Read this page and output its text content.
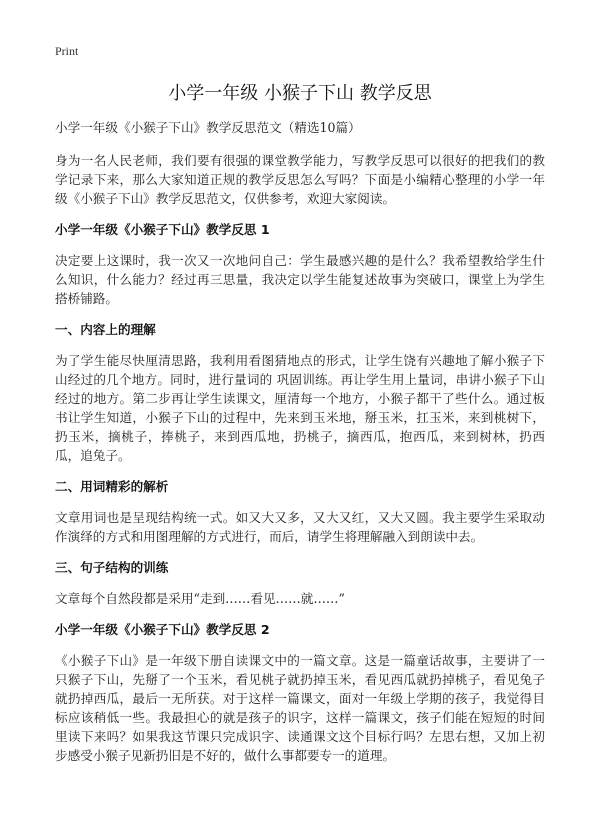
Print
小学一年级 小猴子下山 教学反思

小学一年级《小猴子下山》教学反思范文（精选10篇）

身为一名人民老师，我们要有很强的课堂教学能力，写教学反思可以很好的把我们的教学记录下来，那么大家知道正规的教学反思怎么写吗？下面是小编精心整理的小学一年级《小猴子下山》教学反思范文，仅供参考，欢迎大家阅读。

小学一年级《小猴子下山》教学反思 1

决定要上这课时，我一次又一次地问自己：学生最感兴趣的是什么？我希望教给学生什么知识，什么能力？经过再三思量，我决定以学生能复述故事为突破口，课堂上为学生搭桥铺路。

一、内容上的理解

为了学生能尽快厘清思路，我利用看图猜地点的形式，让学生饶有兴趣地了解小猴子下山经过的几个地方。同时，进行量词的 巩固训练。再让学生用上量词，串讲小猴子下山经过的地方。第二步再让学生读课文，厘清每一个地方，小猴子都干了些什么。通过板书让学生知道，小猴子下山的过程中，先来到玉米地，掰玉米，扛玉米，来到桃树下，扔玉米，摘桃子，捧桃子，来到西瓜地，扔桃子，摘西瓜，抱西瓜，来到树林，扔西瓜，追兔子。

二、用词精彩的解析

文章用词也是呈现结构统一式。如又大又多，又大又红，又大又圆。我主要学生采取动作演绎的方式和用图理解的方式进行，而后，请学生将理解融入到朗读中去。

三、句子结构的训练

文章每个自然段都是采用“走到……看见……就……”

小学一年级《小猴子下山》教学反思 2

《小猴子下山》是一年级下册自读课文中的一篇文章。这是一篇童话故事，主要讲了一只猴子下山，先掰了一个玉米，看见桃子就扔掉玉米，看见西瓜就扔掉桃子，看见兔子就扔掉西瓜，最后一无所获。对于这样一篇课文，面对一年级上学期的孩子，我觉得目标应该稍低一些。我最担心的就是孩子的识字，这样一篇课文，孩子们能在短短的时间里读下来吗？如果我这节课只完成识字、读通课文这个目标行吗？左思右想，又加上初步感受小猴子见新扔旧是不好的，做什么事都要专一的道理。
